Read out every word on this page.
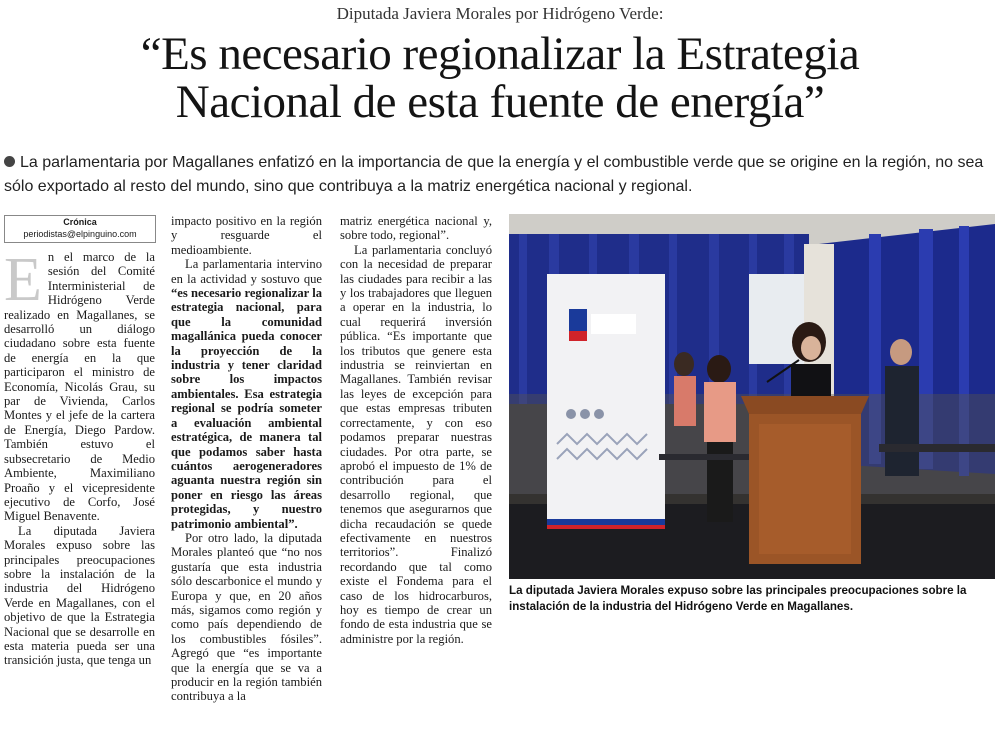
Diputada Javiera Morales por Hidrógeno Verde:
“Es necesario regionalizar la Estrategia
Nacional de esta fuente de energía”
La parlamentaria por Magallanes enfatizó en la importancia de que la energía y el combustible verde que se origine en la región, no sea sólo exportado al resto del mundo, sino que contribuya a la matriz energética nacional y regional.
Crónica
periodistas@elpinguino.com

En el marco de la sesión del Comité Interministerial de Hidrógeno Verde realizado en Magallanes, se desarrolló un diálogo ciudadano sobre esta fuente de energía en la que participaron el ministro de Economía, Nicolás Grau, su par de Vivienda, Carlos Montes y el jefe de la cartera de Energía, Diego Pardow. También estuvo el subsecretario de Medio Ambiente, Maximiliano Proaño y el vicepresidente ejecutivo de Corfo, José Miguel Benavente.

La diputada Javiera Morales expuso sobre las principales preocupaciones sobre la instalación de la industria del Hidrógeno Verde en Magallanes, con el objetivo de que la Estrategia Nacional que se desarrolle en esta materia pueda ser una transición justa, que tenga un

impacto positivo en la región y resguarde el medioambiente.

La parlamentaria intervino en la actividad y sostuvo que “es necesario regionalizar la estrategia nacional, para que la comunidad magallánica pueda conocer la proyección de la industria y tener claridad sobre los impactos ambientales. Esa estrategia regional se podría someter a evaluación ambiental estratégica, de manera tal que podamos saber hasta cuántos aerogeneradores aguanta nuestra región sin poner en riesgo las áreas protegidas, y nuestro patrimonio ambiental”.

Por otro lado, la diputada Morales planteó que “no nos gustaría que esta industria sólo descarbonice el mundo y Europa y que, en 20 años más, sigamos como región y como país dependiendo de los combustibles fósiles”. Agregó que “es importante que la energía que se va a producir en la región también contribuya a la

matriz energética nacional y, sobre todo, regional”.

La parlamentaria concluyó con la necesidad de preparar las ciudades para recibir a las y los trabajadores que lleguen a operar en la industria, lo cual requerirá inversión pública. “Es importante que los tributos que genere esta industria se reinviertan en Magallanes. También revisar las leyes de excepción para que estas empresas tributen correctamente, y con eso podamos preparar nuestras ciudades. Por otra parte, se aprobó el impuesto de 1% de contribución para el desarrollo regional, que tenemos que asegurarnos que dicha recaudación se quede efectivamente en nuestros territorios”. Finalizó recordando que tal como existe el Fondema para el caso de los hidrocarburos, hoy es tiempo de crear un fondo de esta industria que se administre por la región.

CEDIDA
La diputada Javiera Morales expuso sobre las principales preocupaciones sobre la instalación de la industria del Hidrógeno Verde en Magallanes.
